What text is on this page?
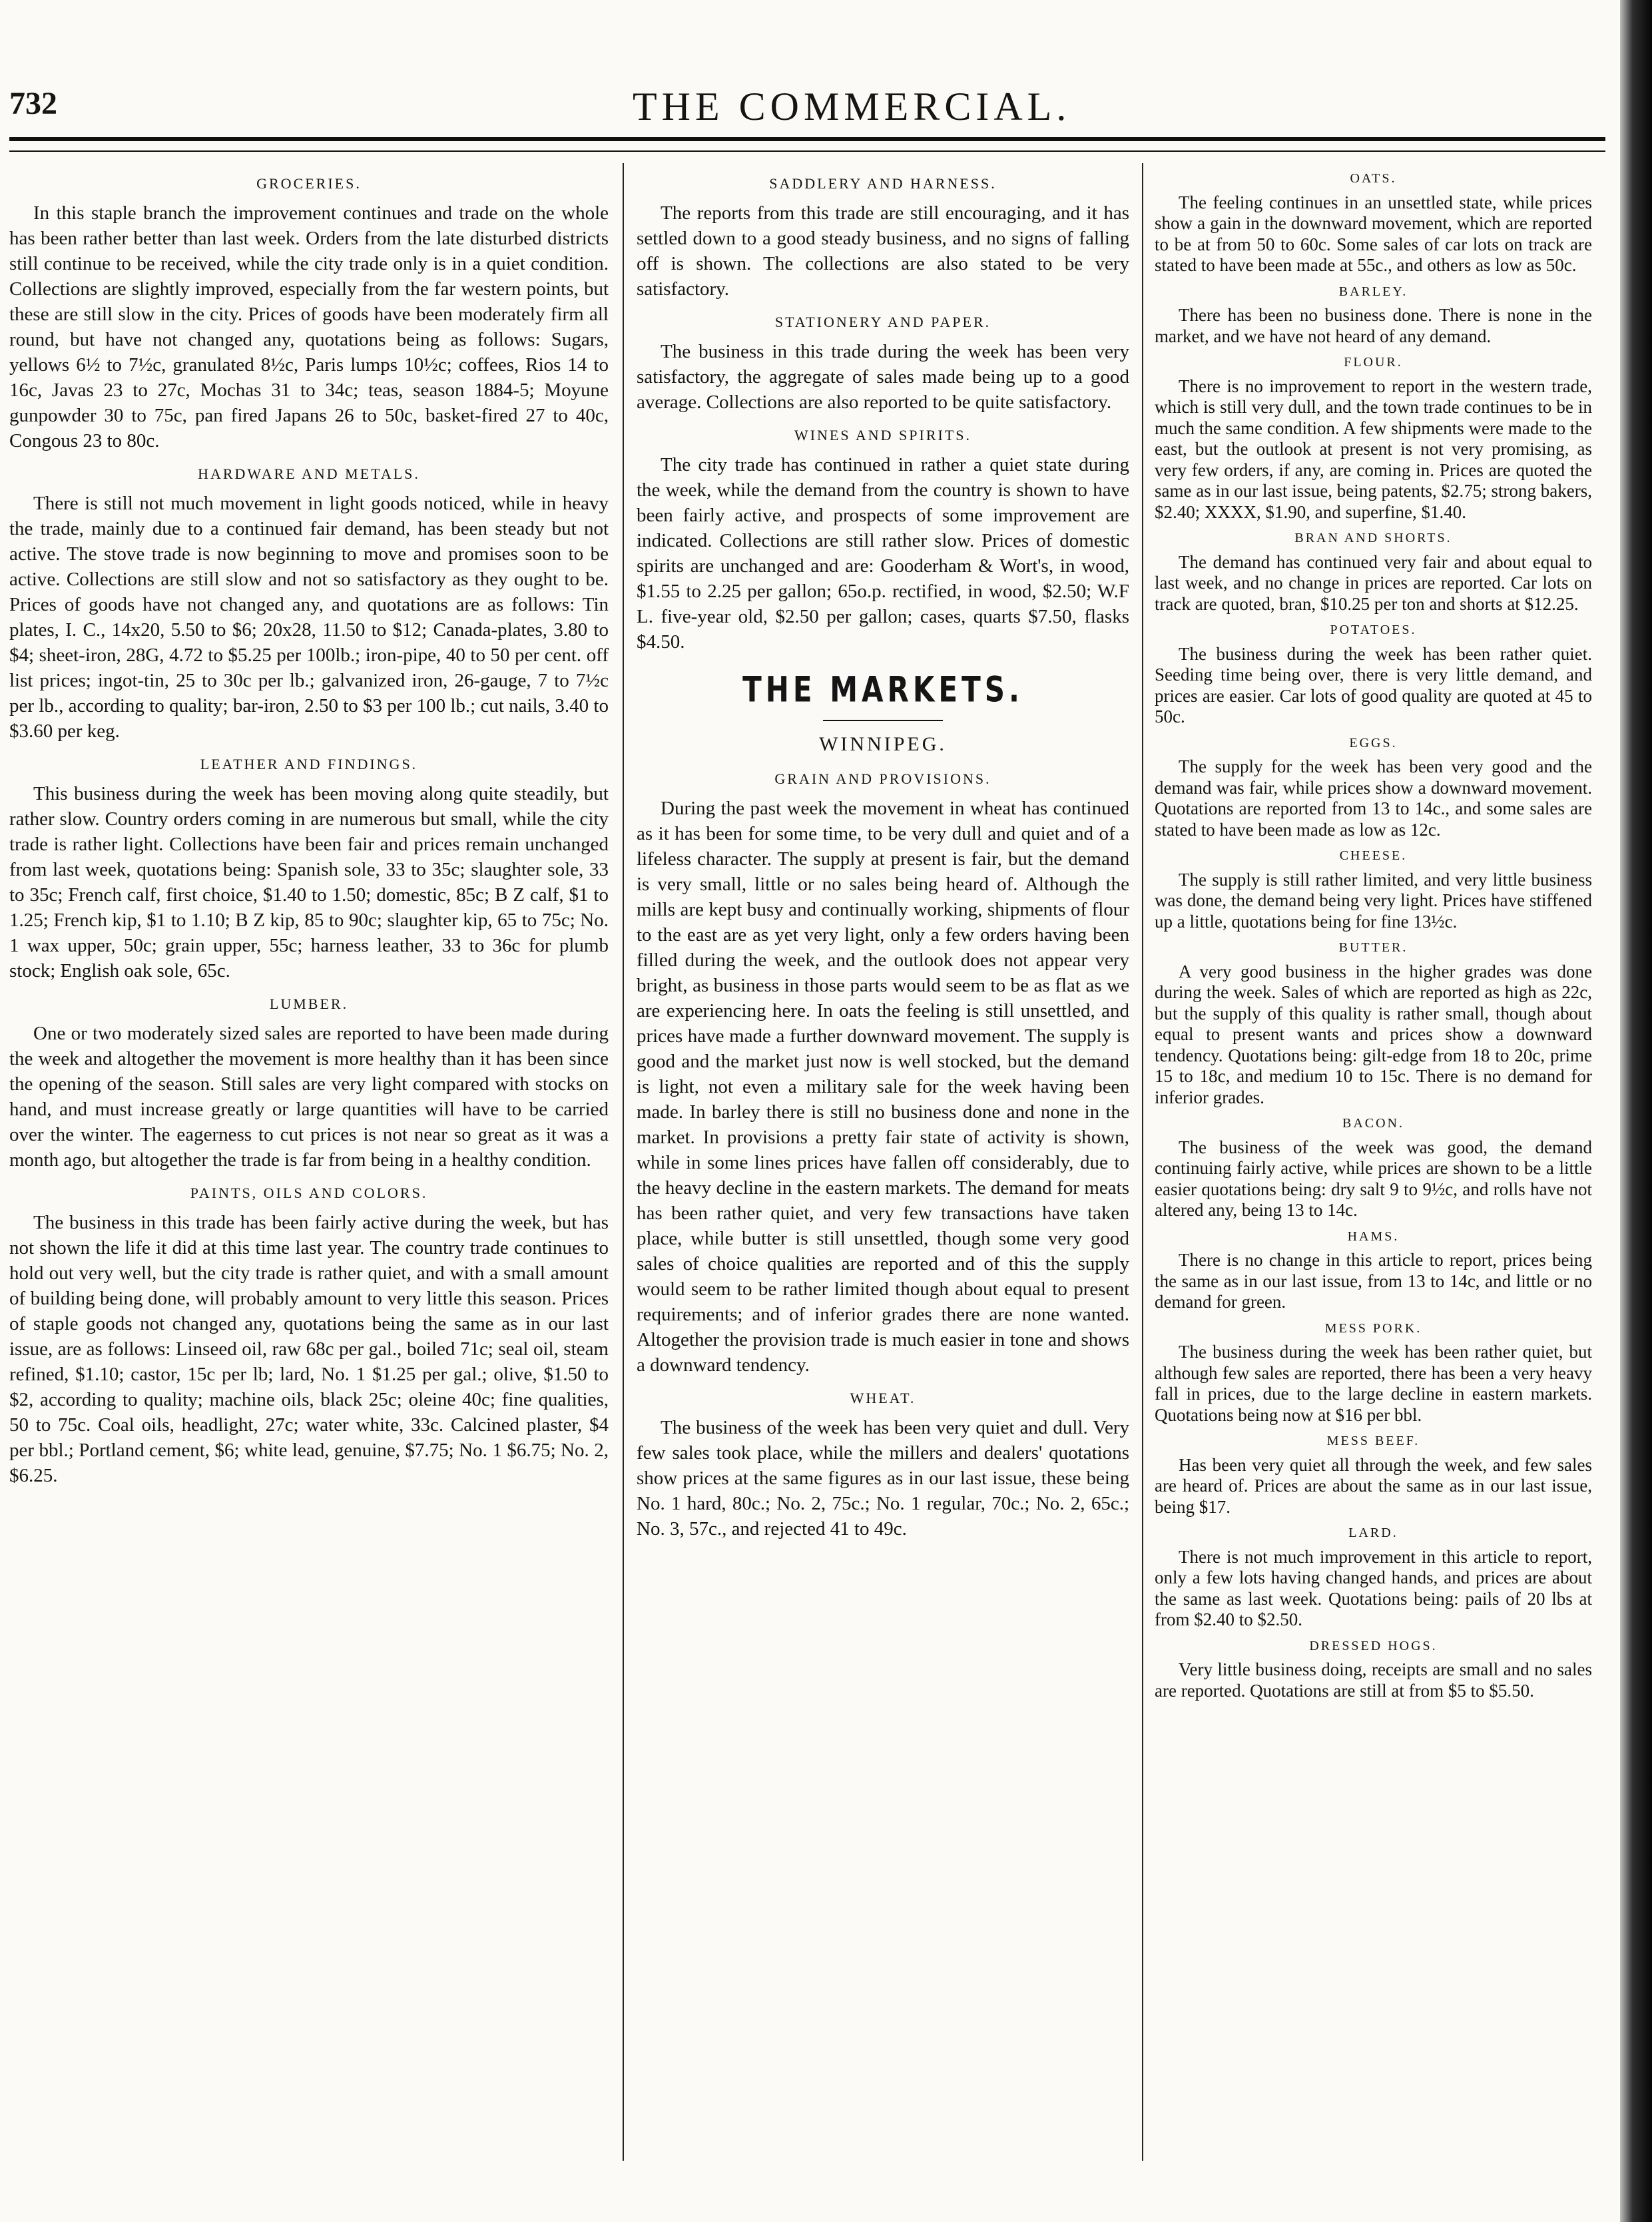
732	THE COMMERCIAL.
GROCERIES.

In this staple branch the improvement continues and trade on the whole has been rather better than last week. Orders from the late disturbed districts still continue to be received, while the city trade only is in a quiet condition. Collections are slightly improved, especially from the far western points, but these are still slow in the city. Prices of goods have been moderately firm all round, but have not changed any, quotations being as follows: Sugars, yellows 6½ to 7½c, granulated 8½c, Paris lumps 10½c; coffees, Rios 14 to 16c, Javas 23 to 27c, Mochas 31 to 34c; teas, season 1884-5; Moyune gunpowder 30 to 75c, pan fired Japans 26 to 50c, basket-fired 27 to 40c, Congous 23 to 80c.

HARDWARE AND METALS.

There is still not much movement in light goods noticed, while in heavy the trade, mainly due to a continued fair demand, has been steady but not active. The stove trade is now beginning to move and promises soon to be active. Collections are still slow and not so satisfactory as they ought to be. Prices of goods have not changed any, and quotations are as follows: Tin plates, I. C., 14x20, 5.50 to $6; 20x28, 11.50 to $12; Canada-plates, 3.80 to $4; sheet-iron, 28G, 4.72 to $5.25 per 100lb.; iron-pipe, 40 to 50 per cent. off list prices; ingot-tin, 25 to 30c per lb.; galvanized iron, 26-gauge, 7 to 7½c per lb., according to quality; bar-iron, 2.50 to $3 per 100 lb.; cut nails, 3.40 to $3.60 per keg.

LEATHER AND FINDINGS.

This business during the week has been moving along quite steadily, but rather slow. Country orders coming in are numerous but small, while the city trade is rather light. Collections have been fair and prices remain unchanged from last week, quotations being: Spanish sole, 33 to 35c; slaughter sole, 33 to 35c; French calf, first choice, $1.40 to 1.50; domestic, 85c; B Z calf, $1 to 1.25; French kip, $1 to 1.10; B Z kip, 85 to 90c; slaughter kip, 65 to 75c; No. 1 wax upper, 50c; grain upper, 55c; harness leather, 33 to 36c for plumb stock; English oak sole, 65c.

LUMBER.

One or two moderately sized sales are reported to have been made during the week and altogether the movement is more healthy than it has been since the opening of the season. Still sales are very light compared with stocks on hand, and must increase greatly or large quantities will have to be carried over the winter. The eagerness to cut prices is not near so great as it was a month ago, but altogether the trade is far from being in a healthy condition.

PAINTS, OILS AND COLORS.

The business in this trade has been fairly active during the week, but has not shown the life it did at this time last year. The country trade continues to hold out very well, but the city trade is rather quiet, and with a small amount of building being done, will probably amount to very little this season. Prices of staple goods not changed any, quotations being the same as in our last issue, are as follows: Linseed oil, raw 68c per gal., boiled 71c; seal oil, steam refined, $1.10; castor, 15c per lb; lard, No. 1 $1.25 per gal.; olive, $1.50 to $2, according to quality; machine oils, black 25c; oleine 40c; fine qualities, 50 to 75c. Coal oils, headlight, 27c; water white, 33c. Calcined plaster, $4 per bbl.; Portland cement, $6; white lead, genuine, $7.75; No. 1 $6.75; No. 2, $6.25.

SADDLERY AND HARNESS.

The reports from this trade are still encouraging, and it has settled down to a good steady business, and no signs of falling off is shown. The collections are also stated to be very satisfactory.

STATIONERY AND PAPER.

The business in this trade during the week has been very satisfactory, the aggregate of sales made being up to a good average. Collections are also reported to be quite satisfactory.

WINES AND SPIRITS.

The city trade has continued in rather a quiet state during the week, while the demand from the country is shown to have been fairly active, and prospects of some improvement are indicated. Collections are still rather slow. Prices of domestic spirits are unchanged and are: Gooderham & Wort's, in wood, $1.55 to 2.25 per gallon; 65o.p. rectified, in wood, $2.50; W.F L. five-year old, $2.50 per gallon; cases, quarts $7.50, flasks $4.50.

THE MARKETS.
WINNIPEG.
GRAIN AND PROVISIONS.

During the past week the movement in wheat has continued as it has been for some time, to be very dull and quiet and of a lifeless character. The supply at present is fair, but the demand is very small, little or no sales being heard of. Although the mills are kept busy and continually working, shipments of flour to the east are as yet very light, only a few orders having been filled during the week, and the outlook does not appear very bright, as business in those parts would seem to be as flat as we are experiencing here. In oats the feeling is still unsettled, and prices have made a further downward movement. The supply is good and the market just now is well stocked, but the demand is light, not even a military sale for the week having been made. In barley there is still no business done and none in the market. In provisions a pretty fair state of activity is shown, while in some lines prices have fallen off considerably, due to the heavy decline in the eastern markets. The demand for meats has been rather quiet, and very few transactions have taken place, while butter is still unsettled, though some very good sales of choice qualities are reported and of this the supply would seem to be rather limited though about equal to present requirements; and of inferior grades there are none wanted. Altogether the provision trade is much easier in tone and shows a downward tendency.

WHEAT.

The business of the week has been very quiet and dull. Very few sales took place, while the millers and dealers' quotations show prices at the same figures as in our last issue, these being No. 1 hard, 80c.; No. 2, 75c.; No. 1 regular, 70c.; No. 2, 65c.; No. 3, 57c., and rejected 41 to 49c.

OATS.

The feeling continues in an unsettled state, while prices show a gain in the downward movement, which are reported to be at from 50 to 60c. Some sales of car lots on track are stated to have been made at 55c., and others as low as 50c.

BARLEY.

There has been no business done. There is none in the market, and we have not heard of any demand.

FLOUR.

There is no improvement to report in the western trade, which is still very dull, and the town trade continues to be in much the same condition. A few shipments were made to the east, but the outlook at present is not very promising, as very few orders, if any, are coming in. Prices are quoted the same as in our last issue, being patents, $2.75; strong bakers, $2.40; XXXX, $1.90, and superfine, $1.40.

BRAN AND SHORTS.

The demand has continued very fair and about equal to last week, and no change in prices are reported. Car lots on track are quoted, bran, $10.25 per ton and shorts at $12.25.

POTATOES.

The business during the week has been rather quiet. Seeding time being over, there is very little demand, and prices are easier. Car lots of good quality are quoted at 45 to 50c.

EGGS.

The supply for the week has been very good and the demand was fair, while prices show a downward movement. Quotations are reported from 13 to 14c., and some sales are stated to have been made as low as 12c.

CHEESE.

The supply is still rather limited, and very little business was done, the demand being very light. Prices have stiffened up a little, quotations being for fine 13½c.

BUTTER.

A very good business in the higher grades was done during the week. Sales of which are reported as high as 22c, but the supply of this quality is rather small, though about equal to present wants and prices show a downward tendency. Quotations being: gilt-edge from 18 to 20c, prime 15 to 18c, and medium 10 to 15c. There is no demand for inferior grades.

BACON.

The business of the week was good, the demand continuing fairly active, while prices are shown to be a little easier quotations being: dry salt 9 to 9½c, and rolls have not altered any, being 13 to 14c.

HAMS.

There is no change in this article to report, prices being the same as in our last issue, from 13 to 14c, and little or no demand for green.

MESS PORK.

The business during the week has been rather quiet, but although few sales are reported, there has been a very heavy fall in prices, due to the large decline in eastern markets. Quotations being now at $16 per bbl.

MESS BEEF.

Has been very quiet all through the week, and few sales are heard of. Prices are about the same as in our last issue, being $17.

LARD.

There is not much improvement in this article to report, only a few lots having changed hands, and prices are about the same as last week. Quotations being: pails of 20 lbs at from $2.40 to $2.50.

DRESSED HOGS.

Very little business doing, receipts are small and no sales are reported. Quotations are still at from $5 to $5.50.
